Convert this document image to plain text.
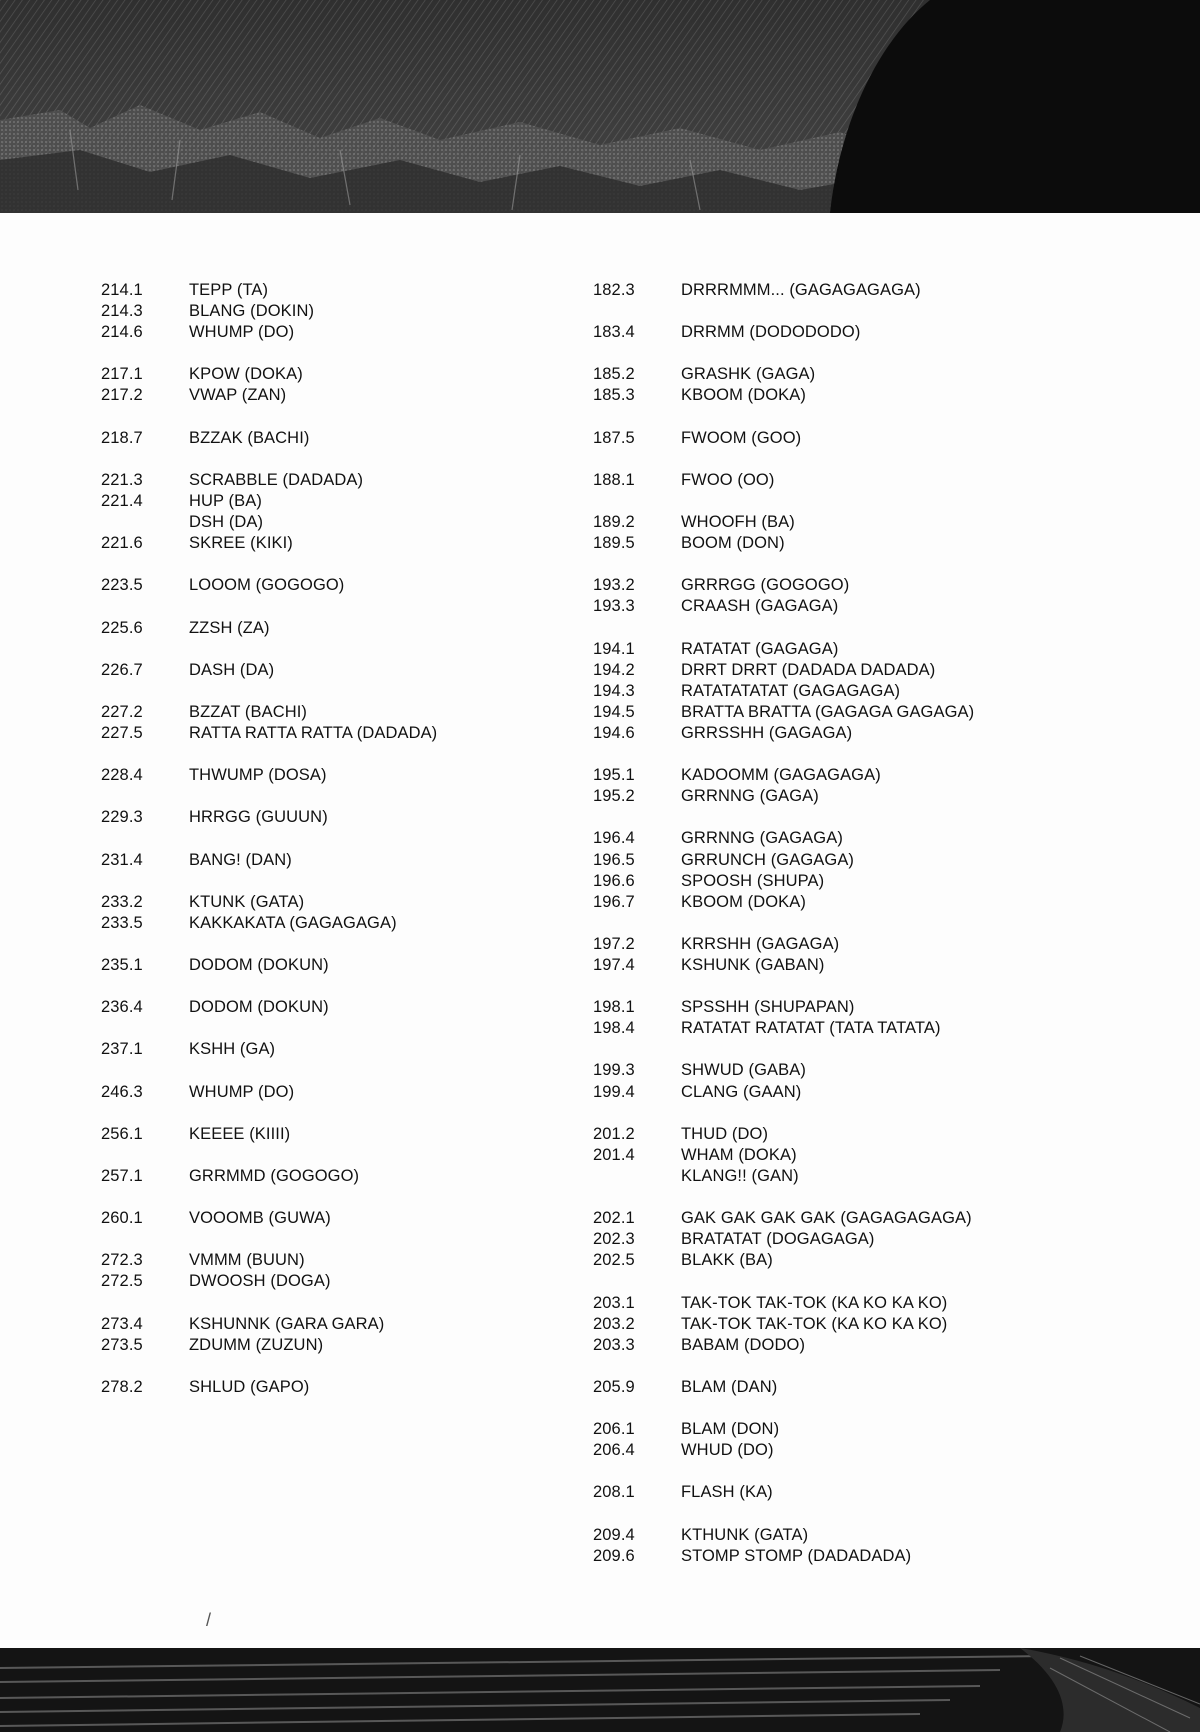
214.1	TEPP (TA)
214.3	BLANG (DOKIN)
214.6	WHUMP (DO)
217.1	KPOW (DOKA)
217.2	VWAP (ZAN)
218.7	BZZAK (BACHI)
221.3	SCRABBLE (DADADA)
221.4	HUP (BA)
DSH (DA)
221.6	SKREE (KIKI)
223.5	LOOOM (GOGOGO)
225.6	ZZSH (ZA)
226.7	DASH (DA)
227.2	BZZAT (BACHI)
227.5	RATTA RATTA RATTA (DADADA)
228.4	THWUMP (DOSA)
229.3	HRRGG (GUUUN)
231.4	BANG! (DAN)
233.2	KTUNK (GATA)
233.5	KAKKAKATA (GAGAGAGA)
235.1	DODOM (DOKUN)
236.4	DODOM (DOKUN)
237.1	KSHH (GA)
246.3	WHUMP (DO)
256.1	KEEEE (KIIII)
257.1	GRRMMD (GOGOGO)
260.1	VOOOMB (GUWA)
272.3	VMMM (BUUN)
272.5	DWOOSH (DOGA)
273.4	KSHUNNK (GARA GARA)
273.5	ZDUMM (ZUZUN)
278.2	SHLUD (GAPO)
182.3	DRRRMMM... (GAGAGAGAGA)
183.4	DRRMM (DODODODO)
185.2	GRASHK (GAGA)
185.3	KBOOM (DOKA)
187.5	FWOOM (GOO)
188.1	FWOO (OO)
189.2	WHOOFH (BA)
189.5	BOOM (DON)
193.2	GRRRGG (GOGOGO)
193.3	CRAASH (GAGAGA)
194.1	RATATAT (GAGAGA)
194.2	DRRT DRRT (DADADA DADADA)
194.3	RATATATATAT (GAGAGAGA)
194.5	BRATTA BRATTA (GAGAGA GAGAGA)
194.6	GRRSSHH (GAGAGA)
195.1	KADOOMM (GAGAGAGA)
195.2	GRRNNG (GAGA)
196.4	GRRNNG (GAGAGA)
196.5	GRRUNCH (GAGAGA)
196.6	SPOOSH (SHUPA)
196.7	KBOOM (DOKA)
197.2	KRRSHH (GAGAGA)
197.4	KSHUNK (GABAN)
198.1	SPSSHH (SHUPAPAN)
198.4	RATATAT RATATAT (TATA TATATA)
199.3	SHWUD (GABA)
199.4	CLANG (GAAN)
201.2	THUD (DO)
201.4	WHAM (DOKA)
KLANG!! (GAN)
202.1	GAK GAK GAK GAK (GAGAGAGAGA)
202.3	BRATATAT (DOGAGAGA)
202.5	BLAKK (BA)
203.1	TAK-TOK TAK-TOK (KA KO KA KO)
203.2	TAK-TOK TAK-TOK (KA KO KA KO)
203.3	BABAM (DODO)
205.9	BLAM (DAN)
206.1	BLAM (DON)
206.4	WHUD (DO)
208.1	FLASH (KA)
209.4	KTHUNK (GATA)
209.6	STOMP STOMP (DADADADA)
/
